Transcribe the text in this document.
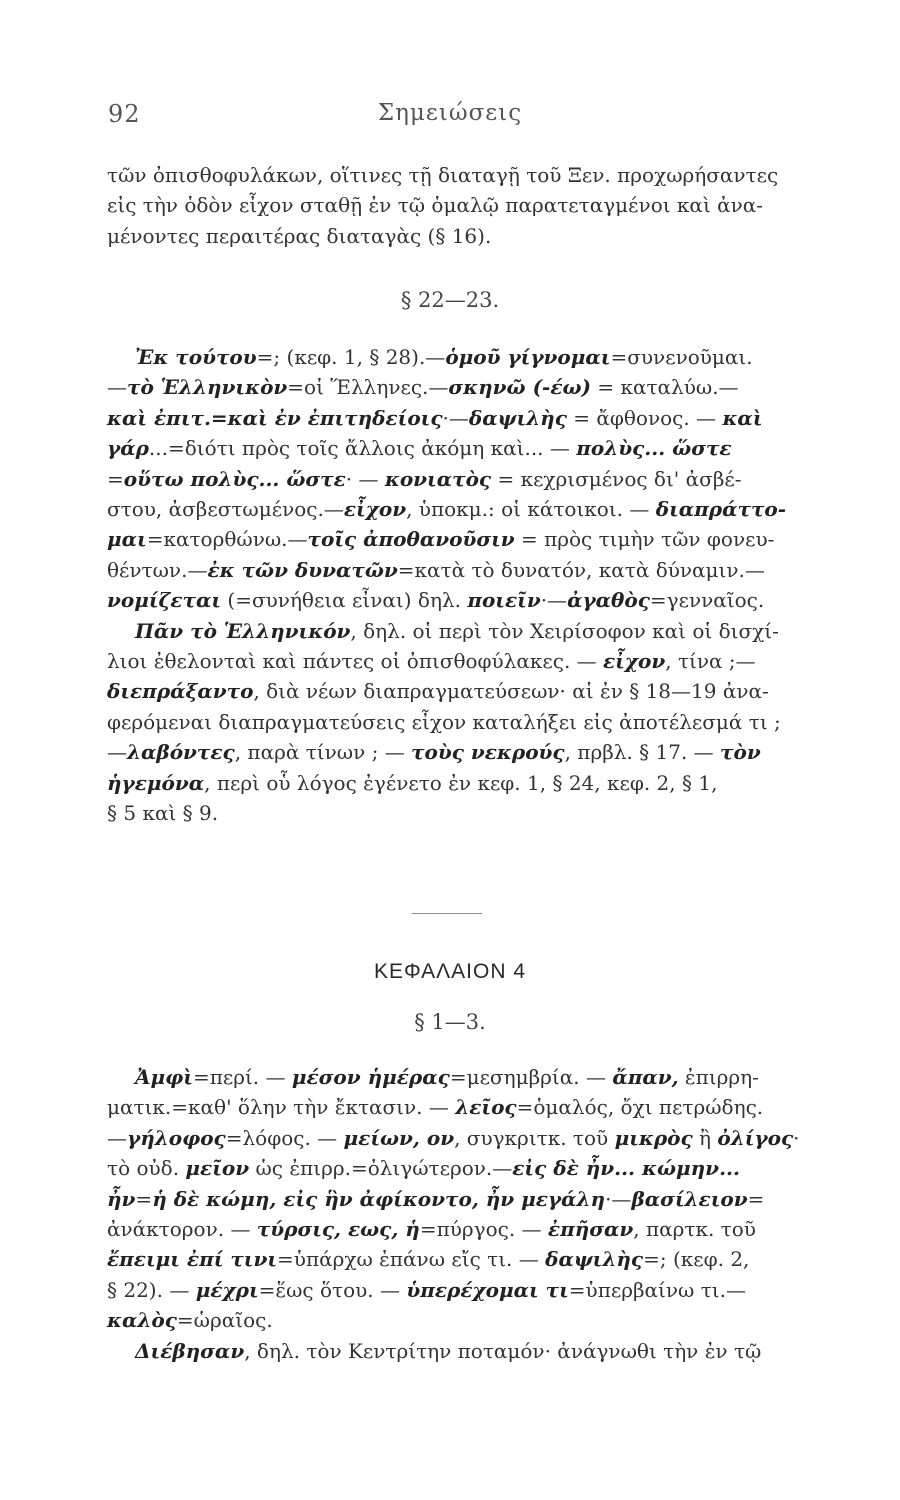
92	Σημειώσεις

τῶν ὀπισθοφυλάκων, οἵτινες τῇ διαταγῇ τοῦ Ξεν. προχωρήσαντες

εἰς τὴν ὁδὸν εἶχον σταθῇ ἐν τῷ ὁμαλῷ παρατεταγμένοι καὶ ἀνα-

μένοντες περαιτέρας διαταγὰς (§ 16).

§ 22—23.

Ἐκ τούτου=; (κεφ. 1, § 28).—ὁμοῦ γίγνομαι=συνενοῦμαι.

—τὸ Ἑλληνικὸν=οἱ Ἕλληνες.—σκηνῶ (-έω) = καταλύω.—

καὶ ἐπιτ.=καὶ ἐν ἐπιτηδείοις·—δαψιλὴς = ἄφθονος. — καὶ

γάρ...=διότι πρὸς τοῖς ἄλλοις ἀκόμη καὶ... — πολὺς... ὥστε

=οὕτω πολὺς... ὥστε· — κονιατὸς = κεχρισμένος δι' ἀσβέ-

στου, ἀσβεστωμένος.—εἶχον, ὑποκμ.: οἱ κάτοικοι. — διαπράττο-

μαι=κατορθώνω.—τοῖς ἀποθανοῦσιν = πρὸς τιμὴν τῶν φονευ-

θέντων.—ἐκ τῶν δυνατῶν=κατὰ τὸ δυνατόν, κατὰ δύναμιν.—

νομίζεται (=συνήθεια εἶναι) δηλ. ποιεῖν·—ἀγαθὸς=γενναῖος.

Πᾶν τὸ Ἑλληνικόν, δηλ. οἱ περὶ τὸν Χειρίσοφον καὶ οἱ δισχί-

λιοι ἐθελονταὶ καὶ πάντες οἱ ὀπισθοφύλακες. — εἶχον, τίνα ;—

διεπράξαντο, διὰ νέων διαπραγματεύσεων· αἱ ἐν § 18—19 ἀνα-

φερόμεναι διαπραγματεύσεις εἶχον καταλήξει εἰς ἀποτέλεσμά τι ;

—λαβόντες, παρὰ τίνων ; — τοὺς νεκρούς, πρβλ. § 17. — τὸν

ἡγεμόνα, περὶ οὗ λόγος ἐγένετο ἐν κεφ. 1, § 24, κεφ. 2, § 1,

§ 5 καὶ § 9.

ΚΕΦΑΛΑΙΟΝ 4
§ 1—3.

Ἀμφὶ=περί. — μέσον ἡμέρας=μεσημβρία. — ἄπαν, ἐπιρρη-

ματικ.=καθ' ὅλην τὴν ἔκτασιν. — λεῖος=ὁμαλός, ὄχι πετρώδης.

—γήλοφος=λόφος. — μείων, ον, συγκριτκ. τοῦ μικρὸς ἢ ὀλίγος·

τὸ οὐδ. μεῖον ὡς ἐπιρρ.=ὀλιγώτερον.—εἰς δὲ ἦν... κώμην...

ἦν=ἡ δὲ κώμη, εἰς ἣν ἀφίκοντο, ἦν μεγάλη·—βασίλειον=

ἀνάκτορον. — τύρσις, εως, ἡ=πύργος. — ἐπῆσαν, παρτκ. τοῦ

ἔπειμι ἐπί τινι=ὑπάρχω ἐπάνω εἴς τι. — δαψιλὴς=; (κεφ. 2,

§ 22). — μέχρι=ἕως ὅτου. — ὑπερέχομαι τι=ὑπερβαίνω τι.—

καλὸς=ὡραῖος.

Διέβησαν, δηλ. τὸν Κεντρίτην ποταμόν· ἀνάγνωθι τὴν ἐν τῷ
